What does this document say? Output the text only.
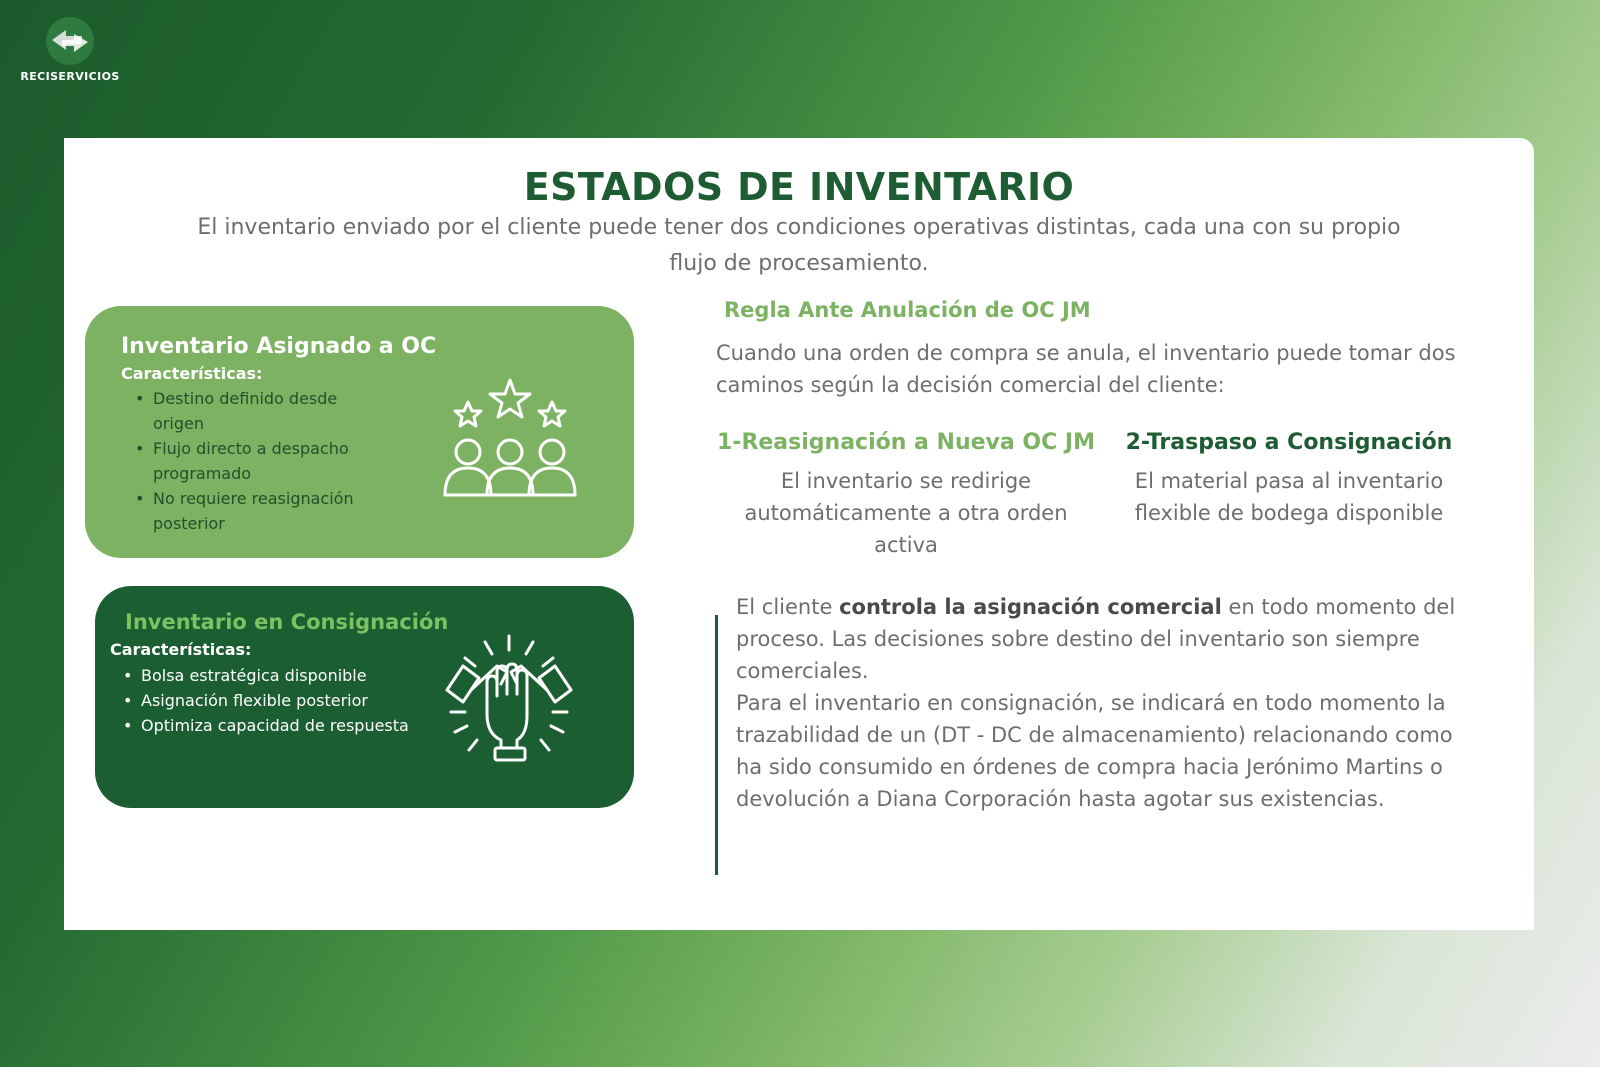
RECISERVICIOS
ESTADOS DE INVENTARIO
El inventario enviado por el cliente puede tener dos condiciones operativas distintas, cada una con su propio flujo de procesamiento.
Inventario Asignado a OC
Características:
• Destino definido desde origen
• Flujo directo a despacho programado
• No requiere reasignación posterior
Inventario en Consignación
Características:
• Bolsa estratégica disponible
• Asignación flexible posterior
• Optimiza capacidad de respuesta
Regla Ante Anulación de OC JM
Cuando una orden de compra se anula, el inventario puede tomar dos caminos según la decisión comercial del cliente:
1-Reasignación a Nueva OC JM
El inventario se redirige automáticamente a otra orden activa
2-Traspaso a Consignación
El material pasa al inventario flexible de bodega disponible

El cliente controla la asignación comercial en todo momento del proceso. Las decisiones sobre destino del inventario son siempre comerciales.

Para el inventario en consignación, se indicará en todo momento la trazabilidad de un (DT - DC de almacenamiento) relacionando como ha sido consumido en órdenes de compra hacia Jerónimo Martins o devolución a Diana Corporación hasta agotar sus existencias.
